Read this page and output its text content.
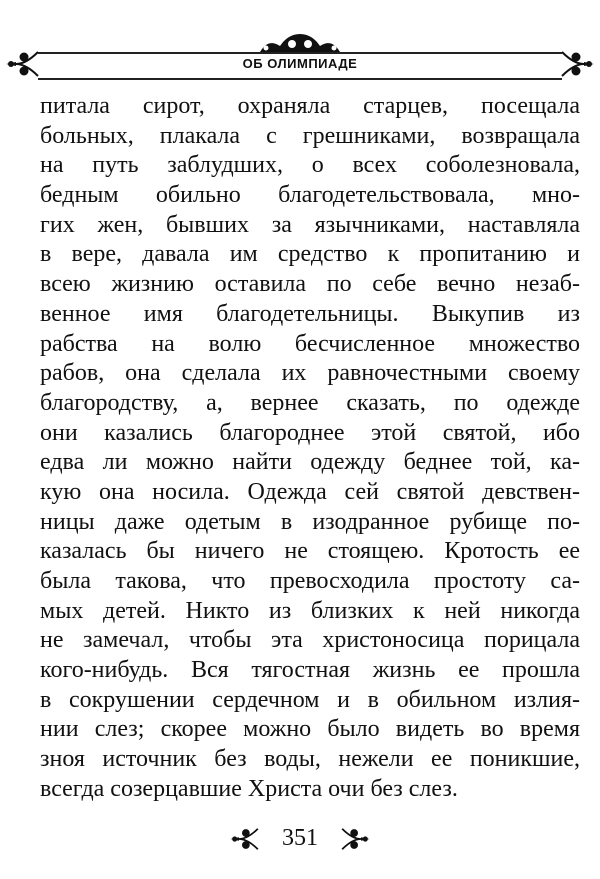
ОБ ОЛИМПИАДЕ
питала сирот, охраняла старцев, посещала
больных, плакала с грешниками, возвращала
на путь заблудших, о всех соболезновала,
бедным обильно благодетельствовала, мно-
гих жен, бывших за язычниками, наставляла
в вере, давала им средство к пропитанию и
всею жизнию оставила по себе вечно незаб-
венное имя благодетельницы. Выкупив из
рабства на волю бесчисленное множество
рабов, она сделала их равночестными своему
благородству, а, вернее сказать, по одежде
они казались благороднее этой святой, ибо
едва ли можно найти одежду беднее той, ка-
кую она носила. Одежда сей святой девствен-
ницы даже одетым в изодранное рубище по-
казалась бы ничего не стоящею. Кротость ее
была такова, что превосходила простоту са-
мых детей. Никто из близких к ней никогда
не замечал, чтобы эта христоносица порицала
кого-нибудь. Вся тягостная жизнь ее прошла
в сокрушении сердечном и в обильном излия-
нии слез; скорее можно было видеть во время
зноя источник без воды, нежели ее поникшие,
всегда созерцавшие Христа очи без слез.
351
